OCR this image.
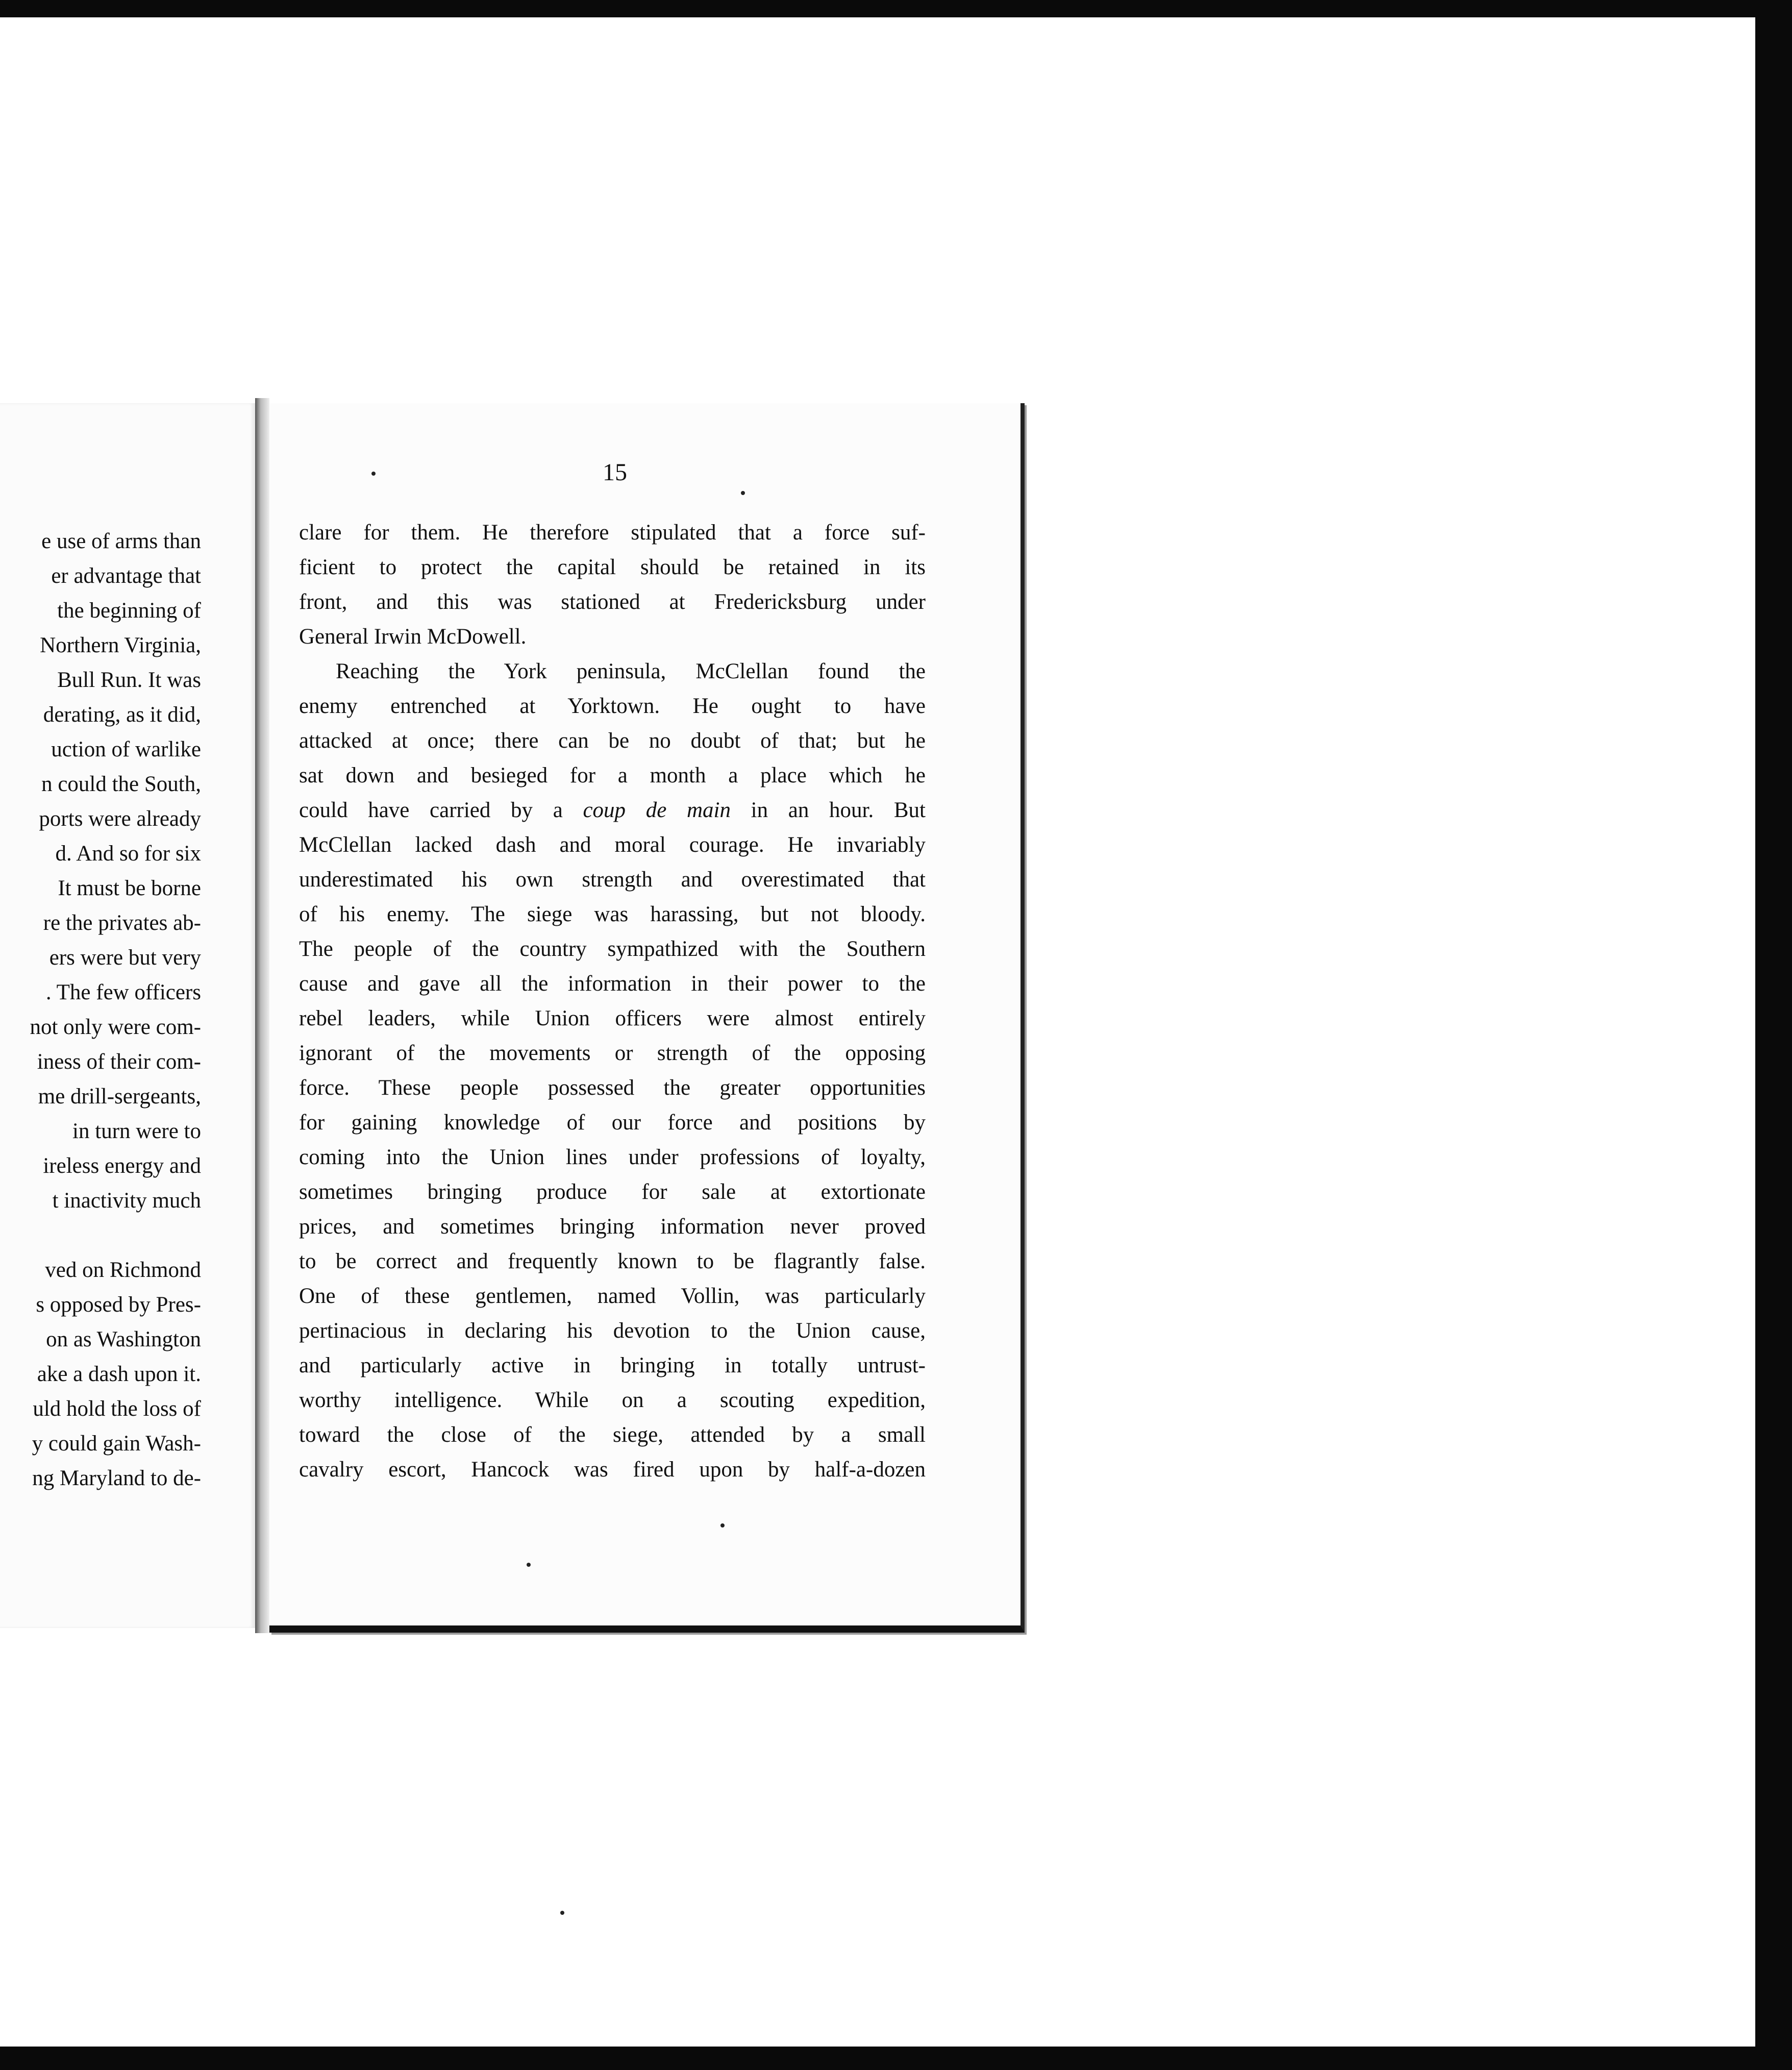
15
clare for them. He therefore stipulated that a force suf-
ficient to protect the capital should be retained in its
front, and this was stationed at Fredericksburg under
General Irwin McDowell.
Reaching the York peninsula, McClellan found the
enemy entrenched at Yorktown. He ought to have
attacked at once; there can be no doubt of that; but he
sat down and besieged for a month a place which he
could have carried by a coup de main in an hour. But
McClellan lacked dash and moral courage. He invariably
underestimated his own strength and overestimated that
of his enemy. The siege was harassing, but not bloody.
The people of the country sympathized with the Southern
cause and gave all the information in their power to the
rebel leaders, while Union officers were almost entirely
ignorant of the movements or strength of the opposing
force. These people possessed the greater opportunities
for gaining knowledge of our force and positions by
coming into the Union lines under professions of loyalty,
sometimes bringing produce for sale at extortionate
prices, and sometimes bringing information never proved
to be correct and frequently known to be flagrantly false.
One of these gentlemen, named Vollin, was particularly
pertinacious in declaring his devotion to the Union cause,
and particularly active in bringing in totally untrust-
worthy intelligence. While on a scouting expedition,
toward the close of the siege, attended by a small
cavalry escort, Hancock was fired upon by half-a-dozen
e use of arms than
er advantage that
the beginning of
Northern Virginia,
Bull Run. It was
derating, as it did,
uction of warlike
n could the South,
ports were already
d. And so for six
It must be borne
re the privates ab-
ers were but very
. The few officers
not only were com-
iness of their com-
me drill-sergeants,
in turn were to
ireless energy and
t inactivity much
ved on Richmond
s opposed by Pres-
on as Washington
ake a dash upon it.
uld hold the loss of
y could gain Wash-
ng Maryland to de-
